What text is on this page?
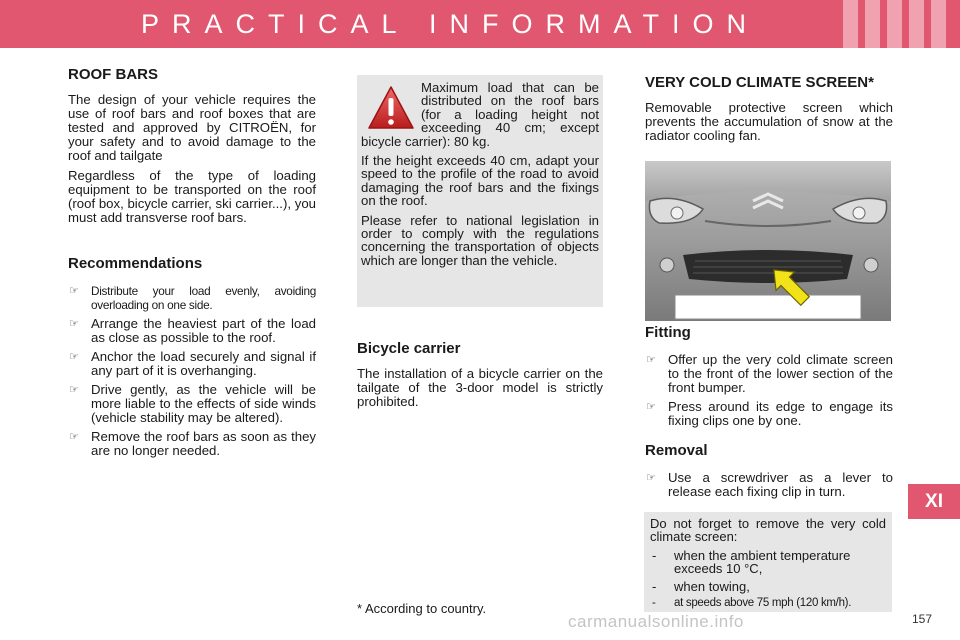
PRACTICAL INFORMATION
ROOF BARS

The design of your vehicle requires the use of roof bars and roof boxes that are tested and approved by CITROËN, for your safety and to avoid damage to the roof and tailgate

Regardless of the type of loading equipment to be transported on the roof (roof box, bicycle carrier, ski carrier...), you must add transverse roof bars.

Recommendations
☞ Distribute your load evenly, avoiding overloading on one side.
☞ Arrange the heaviest part of the load as close as possible to the roof.
☞ Anchor the load securely and signal if any part of it is overhanging.
☞ Drive gently, as the vehicle will be more liable to the effects of side winds (vehicle stability may be altered).
☞ Remove the roof bars as soon as they are no longer needed.

Maximum load that can be distributed on the roof bars (for a loading height not exceeding 40 cm; except bicycle carrier): 80 kg.

If the height exceeds 40 cm, adapt your speed to the profile of the road to avoid damaging the roof bars and the fixings on the roof.

Please refer to national legislation in order to comply with the regulations concerning the transportation of objects which are longer than the vehicle.

Bicycle carrier

The installation of a bicycle carrier on the tailgate of the 3-door model is strictly prohibited.

* According to country.
VERY COLD CLIMATE SCREEN*

Removable protective screen which prevents the accumulation of snow at the radiator cooling fan.

Fitting
☞ Offer up the very cold climate screen to the front of the lower section of the front bumper.
☞ Press around its edge to engage its fixing clips one by one.
Removal
☞ Use a screwdriver as a lever to release each fixing clip in turn.

Do not forget to remove the very cold climate screen:

- when the ambient temperature exceeds 10 °C,
- when towing,
- at speeds above 75 mph (120 km/h).
XI
carmanualsonline.info	157
